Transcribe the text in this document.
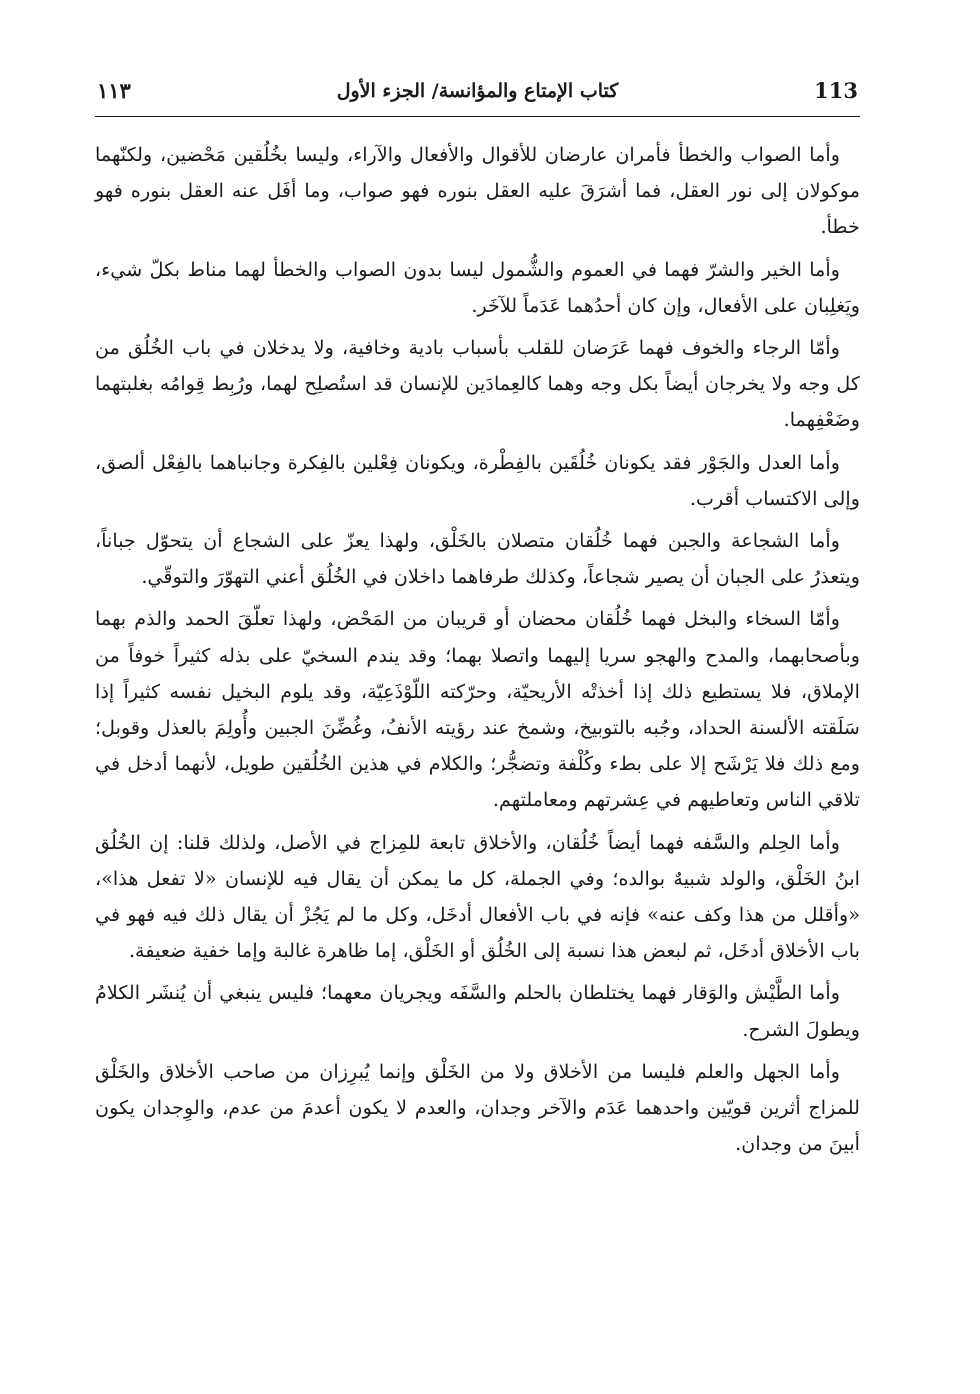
113
كتاب الإمتاع والمؤانسة/ الجزء الأول
١١٣

وأما الصواب والخطأ فأمران عارضان للأقوال والأفعال والآراء، وليسا بخُلُقين مَحْضين، ولكنّهما موكولان إلى نور العقل، فما أشرَقَ عليه العقل بنوره فهو صواب، وما أفَل عنه العقل بنوره فهو خطأ.

وأما الخير والشرّ فهما في العموم والشُّمول ليسا بدون الصواب والخطأ لهما مناط بكلّ شيء، ويَغلِبان على الأفعال، وإن كان أحدُهما عَدَماً للآخَر.

وأمّا الرجاء والخوف فهما عَرَضان للقلب بأسباب بادية وخافية، ولا يدخلان في باب الخُلُق من كل وجه ولا يخرجان أيضاً بكل وجه وهما كالعِمادَين للإنسان قد استُصلِح لهما، ورُبِط قِوامُه بغلبتهما وضَعْفِهما.

وأما العدل والجَوْر فقد يكونان خُلُقَين بالفِطْرة، ويكونان فِعْلين بالفِكرة وجانباهما بالفِعْل ألصق، وإلى الاكتساب أقرب.

وأما الشجاعة والجبن فهما خُلُقان متصلان بالخَلْق، ولهذا يعزّ على الشجاع أن يتحوّل جباناً، ويتعذرُ على الجبان أن يصير شجاعاً، وكذلك طرفاهما داخلان في الخُلُق أعني التهوّرَ والتوقّي.

وأمّا السخاء والبخل فهما خُلُقان محضان أو قريبان من المَحْض، ولهذا تعلّقَ الحمد والذم بهما وبأصحابهما، والمدح والهجو سريا إليهما واتصلا بهما؛ وقد يندم السخيّ على بذله كثيراً خوفاً من الإملاق، فلا يستطيع ذلك إذا أخذتْه الأريحيّة، وحرّكته اللّوْذَعِيّة، وقد يلوم البخيل نفسه كثيراً إذا سَلَقته الألسنة الحداد، وجُبه بالتوبيخ، وشمخ عند رؤيته الأنفُ، وغُضِّنَ الجبين وأُولِمَ بالعذل وقوبل؛ ومع ذلك فلا يَرْشَح إلا على بطء وكُلْفة وتضجُّر؛ والكلام في هذين الخُلُقين طويل، لأنهما أدخل في تلاقي الناس وتعاطيهم في عِشرتهم ومعاملتهم.

وأما الحِلم والسَّفه فهما أيضاً خُلُقان، والأخلاق تابعة للمِزاج في الأصل، ولذلك قلنا: إن الخُلُق ابنُ الخَلْق، والولد شبيهٌ بوالده؛ وفي الجملة، كل ما يمكن أن يقال فيه للإنسان «لا تفعل هذا»، «وأقلل من هذا وكف عنه» فإنه في باب الأفعال أدخَل، وكل ما لم يَجُزْ أن يقال ذلك فيه فهو في باب الأخلاق أدخَل، ثم لبعض هذا نسبة إلى الخُلُق أو الخَلْق، إما ظاهرة غالبة وإما خفية ضعيفة.

وأما الطَّيْش والوَقار فهما يختلطان بالحلم والسَّفَه ويجريان معهما؛ فليس ينبغي أن يُنشَر الكلامُ ويطولَ الشرح.

وأما الجهل والعلم فليسا من الأخلاق ولا من الخَلْق وإنما يُبرِزان من صاحب الأخلاق والخَلْق للمزاج أثرين قويّين واحدهما عَدَم والآخر وجدان، والعدم لا يكون أعدمَ من عدم، والوِجدان يكون أبينَ من وجدان.
